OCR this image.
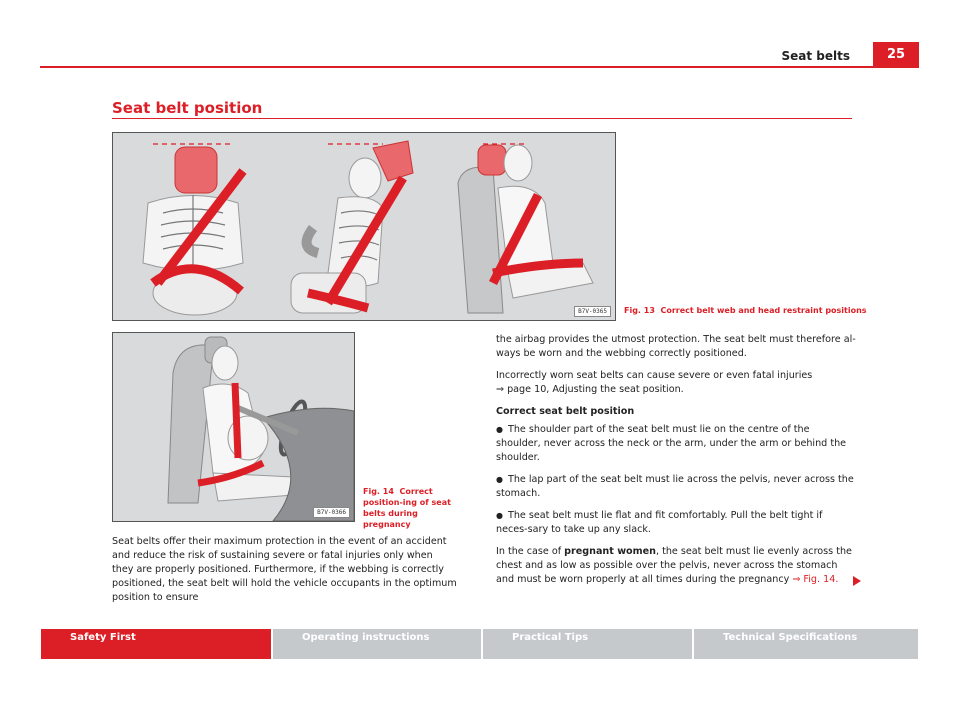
Seat belts	25
Seat belt position
B7V-0365	Fig. 13 Correct belt web and head restraint positions
B7V-0366
Fig. 14 Correct position-ing of seat belts during pregnancy
Seat belts offer their maximum protection in the event of an accident and reduce the risk of sustaining severe or fatal injuries only when they are properly positioned. Furthermore, if the webbing is correctly positioned, the seat belt will hold the vehicle occupants in the optimum position to ensure

the airbag provides the utmost protection. The seat belt must therefore al-ways be worn and the webbing correctly positioned.

Incorrectly worn seat belts can cause severe or even fatal injuries
⇒ page 10, Adjusting the seat position.

Correct seat belt position

● The shoulder part of the seat belt must lie on the centre of the shoulder, never across the neck or the arm, under the arm or behind the shoulder.

● The lap part of the seat belt must lie across the pelvis, never across the stomach.

● The seat belt must lie flat and fit comfortably. Pull the belt tight if neces-sary to take up any slack.

In the case of pregnant women, the seat belt must lie evenly across the chest and as low as possible over the pelvis, never across the stomach and must be worn properly at all times during the pregnancy ⇒ Fig. 14.

Safety First	Operating instructions	Practical Tips	Technical Specifications
